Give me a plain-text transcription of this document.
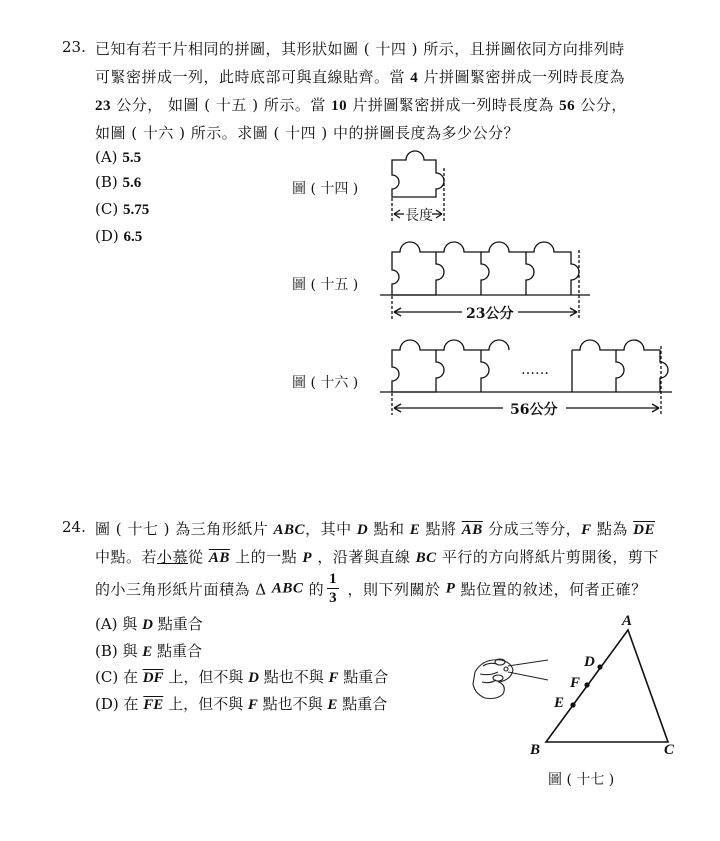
23. 已知有若干片相同的拼圖，其形狀如圖 ( 十四 ) 所示，且拼圖依同方向排列時
可緊密拼成一列，此時底部可與直線貼齊。當 4 片拼圖緊密拼成一列時長度為
23 公分， 如圖 ( 十五 ) 所示。當 10 片拼圖緊密拼成一列時長度為 56 公分，
如圖 ( 十六 ) 所示。求圖 ( 十四 ) 中的拼圖長度為多少公分？
(A) 5.5
(B) 5.6
(C) 5.75
(D) 6.5
圖 ( 十四 )
長度
圖 ( 十五 )
23公分
圖 ( 十六 )
……
56公分
24. 圖 ( 十七 ) 為三角形紙片 ABC，其中 D 點和 E 點將 $\overline{AB}$ 分成三等分，F 點為 $\overline{DE}$
中點。若小慕從 $\overline{AB}$ 上的一點 P ，沿著與直線 BC 平行的方向將紙片剪開後，剪下
的小三角形紙片面積為 Δ ABC 的 $\frac{1}{3}$ ，則下列關於 P 點位置的敘述，何者正確？
(A) 與 D 點重合
(B) 與 E 點重合
(C) 在 $\overline{DF}$ 上，但不與 D 點也不與 F 點重合
(D) 在 $\overline{FE}$ 上，但不與 F 點也不與 E 點重合
A
B	C
D
F
E
圖 ( 十七 )
